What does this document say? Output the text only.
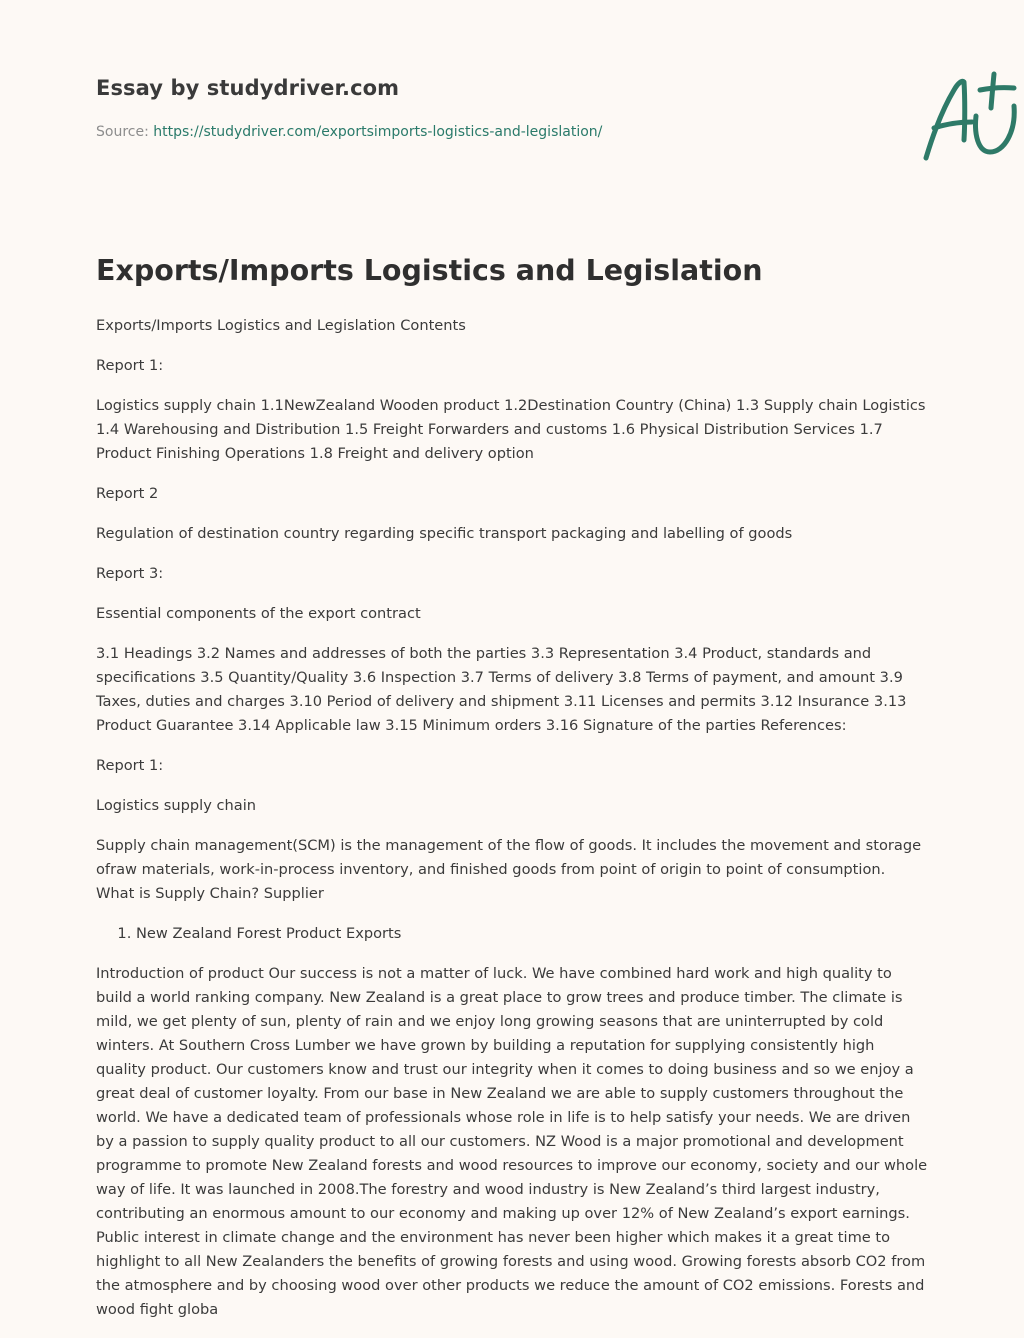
Essay by studydriver.com
Source: https://studydriver.com/exportsimports-logistics-and-legislation/
Exports/Imports Logistics and Legislation

Exports/Imports Logistics and Legislation Contents

Report 1:

Logistics supply chain 1.1NewZealand Wooden product 1.2Destination Country (China) 1.3 Supply chain Logistics 1.4 Warehousing and Distribution 1.5 Freight Forwarders and customs 1.6 Physical Distribution Services 1.7 Product Finishing Operations 1.8 Freight and delivery option

Report 2

Regulation of destination country regarding specific transport packaging and labelling of goods

Report 3:

Essential components of the export contract

3.1 Headings 3.2 Names and addresses of both the parties 3.3 Representation 3.4 Product, standards and specifications 3.5 Quantity/Quality 3.6 Inspection 3.7 Terms of delivery 3.8 Terms of payment, and amount 3.9 Taxes, duties and charges 3.10 Period of delivery and shipment 3.11 Licenses and permits 3.12 Insurance 3.13 Product Guarantee 3.14 Applicable law 3.15 Minimum orders 3.16 Signature of the parties References:

Report 1:

Logistics supply chain

Supply chain management(SCM) is the management of the flow of goods. It includes the movement and storage ofraw materials, work-in-process inventory, and finished goods from point of origin to point of consumption. What is Supply Chain? Supplier

1. New Zealand Forest Product Exports

Introduction of product Our success is not a matter of luck. We have combined hard work and high quality to build a world ranking company. New Zealand is a great place to grow trees and produce timber. The climate is mild, we get plenty of sun, plenty of rain and we enjoy long growing seasons that are uninterrupted by cold winters. At Southern Cross Lumber we have grown by building a reputation for supplying consistently high quality product. Our customers know and trust our integrity when it comes to doing business and so we enjoy a great deal of customer loyalty. From our base in New Zealand we are able to supply customers throughout the world. We have a dedicated team of professionals whose role in life is to help satisfy your needs. We are driven by a passion to supply quality product to all our customers. NZ Wood is a major promotional and development programme to promote New Zealand forests and wood resources to improve our economy, society and our whole way of life. It was launched in 2008.The forestry and wood industry is New Zealand’s third largest industry, contributing an enormous amount to our economy and making up over 12% of New Zealand’s export earnings. Public interest in climate change and the environment has never been higher which makes it a great time to highlight to all New Zealanders the benefits of growing forests and using wood. Growing forests absorb CO2 from the atmosphere and by choosing wood over other products we reduce the amount of CO2 emissions. Forests and wood fight globa
